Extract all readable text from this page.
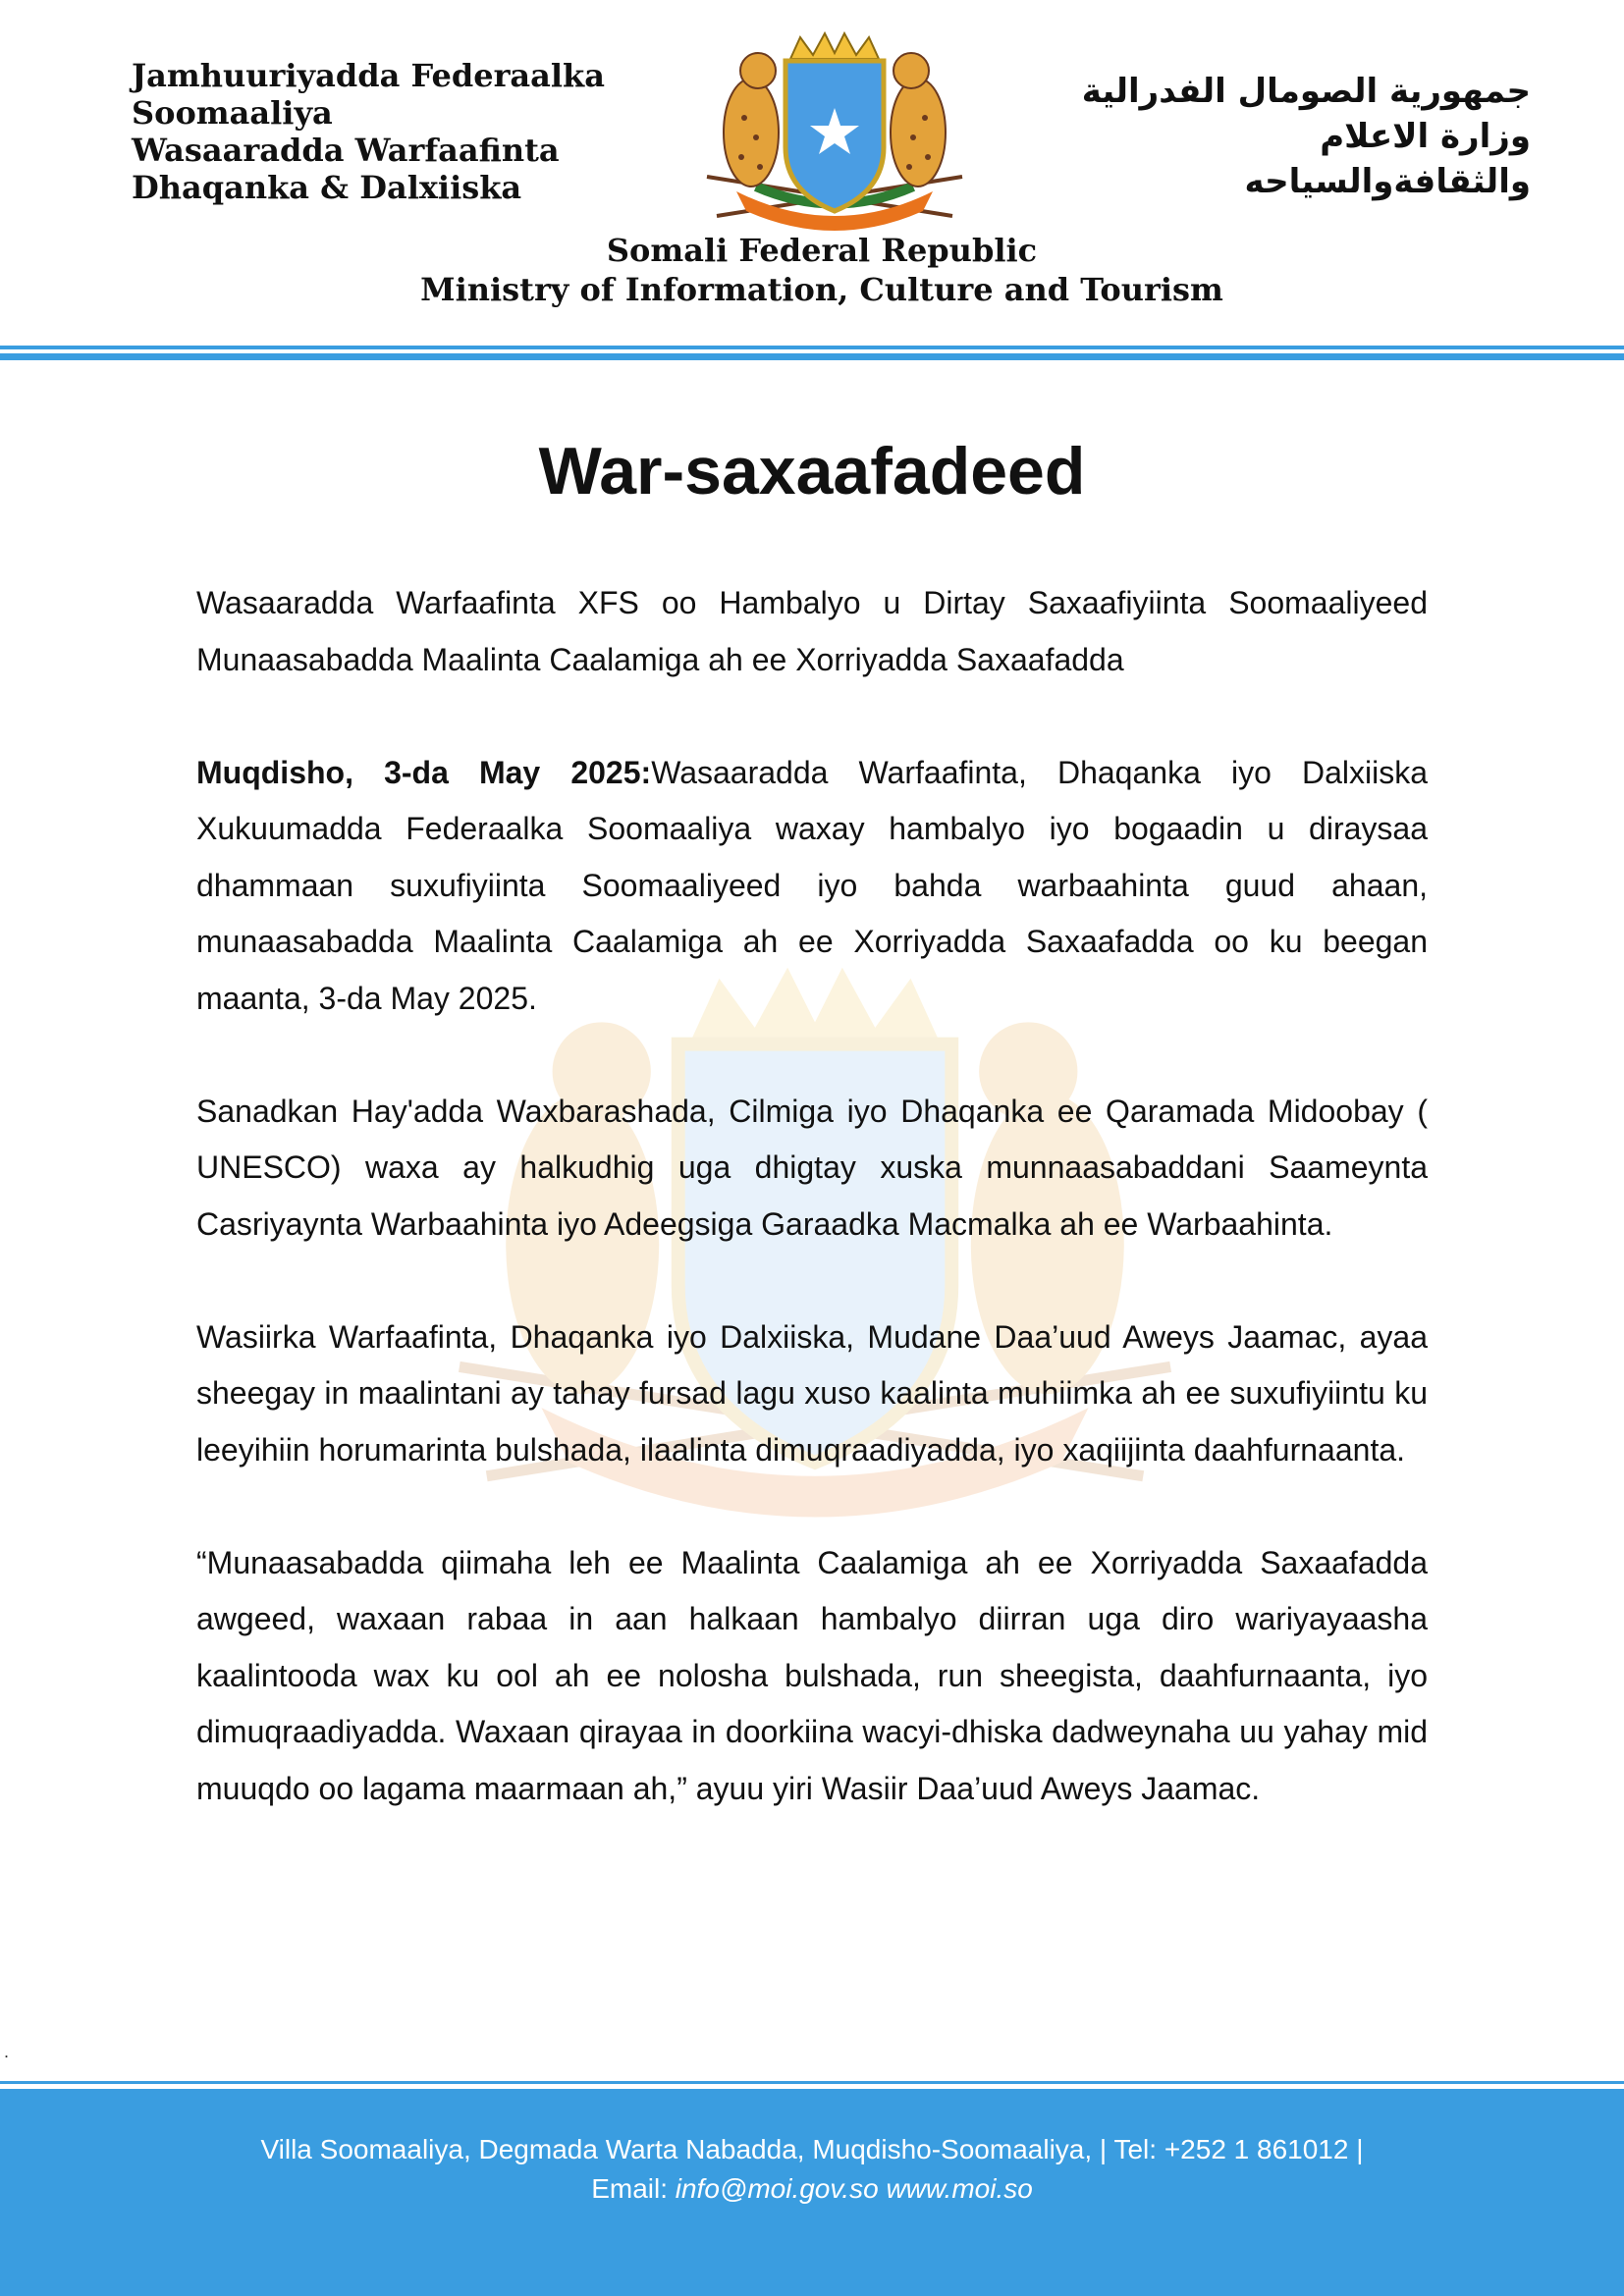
Jamhuuriyadda Federaalka
Soomaaliya
Wasaaradda Warfaafinta
Dhaqanka & Dalxiiska
جمهورية الصومال الفدرالية
وزارة الاعلام
والثقافةوالسياحه
Somali Federal Republic
Ministry of Information, Culture and Tourism
War-saxaafadeed

Wasaaradda Warfaafinta XFS oo Hambalyo u Dirtay Saxaafiyiinta Soomaaliyeed Munaasabadda Maalinta Caalamiga ah ee Xorriyadda Saxaafadda

Muqdisho, 3-da May 2025:Wasaaradda Warfaafinta, Dhaqanka iyo Dalxiiska Xukuumadda Federaalka Soomaaliya waxay hambalyo iyo bogaadin u diraysaa dhammaan suxufiyiinta Soomaaliyeed iyo bahda warbaahinta guud ahaan, munaasabadda Maalinta Caalamiga ah ee Xorriyadda Saxaafadda oo ku beegan maanta, 3-da May 2025.

Sanadkan Hay'adda Waxbarashada, Cilmiga iyo Dhaqanka ee Qaramada Midoobay ( UNESCO) waxa ay halkudhig uga dhigtay xuska munnaasabaddani Saameynta Casriyaynta Warbaahinta iyo Adeegsiga Garaadka Macmalka ah ee Warbaahinta.

Wasiirka Warfaafinta, Dhaqanka iyo Dalxiiska, Mudane Daa’uud Aweys Jaamac, ayaa sheegay in maalintani ay tahay fursad lagu xuso kaalinta muhiimka ah ee suxufiyiintu ku leeyihiin horumarinta bulshada, ilaalinta dimuqraadiyadda, iyo xaqiijinta daahfurnaanta.

“Munaasabadda qiimaha leh ee Maalinta Caalamiga ah ee Xorriyadda Saxaafadda awgeed, waxaan rabaa in aan halkaan hambalyo diirran uga diro wariyayaasha kaalintooda wax ku ool ah ee nolosha bulshada, run sheegista, daahfurnaanta, iyo dimuqraadiyadda. Waxaan qirayaa in doorkiina wacyi-dhiska dadweynaha uu yahay mid muuqdo oo lagama maarmaan ah,” ayuu yiri Wasiir Daa’uud Aweys Jaamac.

.
Villa Soomaaliya, Degmada Warta Nabadda, Muqdisho-Soomaaliya, | Tel: +252 1 861012 |
Email: info@moi.gov.so www.moi.so
